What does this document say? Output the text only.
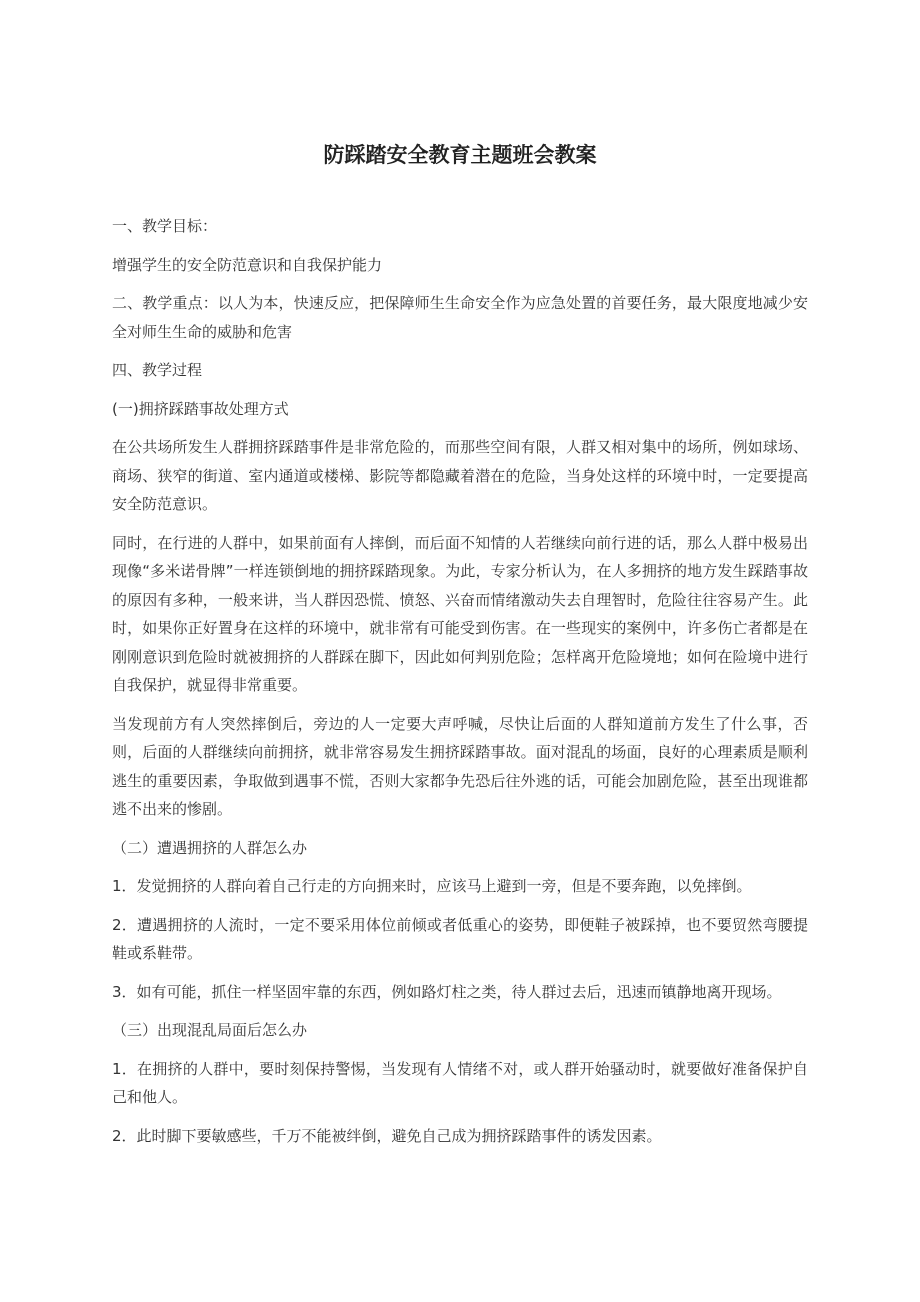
防踩踏安全教育主题班会教案

一、教学目标：

增强学生的安全防范意识和自我保护能力

二、教学重点：以人为本，快速反应，把保障师生生命安全作为应急处置的首要任务，最大限度地减少安全对师生生命的威胁和危害

四、教学过程

(一)拥挤踩踏事故处理方式

在公共场所发生人群拥挤踩踏事件是非常危险的，而那些空间有限，人群又相对集中的场所，例如球场、商场、狭窄的街道、室内通道或楼梯、影院等都隐藏着潜在的危险，当身处这样的环境中时，一定要提高安全防范意识。

同时，在行进的人群中，如果前面有人摔倒，而后面不知情的人若继续向前行进的话，那么人群中极易出现像“多米诺骨牌”一样连锁倒地的拥挤踩踏现象。为此，专家分析认为，在人多拥挤的地方发生踩踏事故的原因有多种，一般来讲，当人群因恐慌、愤怒、兴奋而情绪激动失去自理智时，危险往往容易产生。此时，如果你正好置身在这样的环境中，就非常有可能受到伤害。在一些现实的案例中，许多伤亡者都是在刚刚意识到危险时就被拥挤的人群踩在脚下，因此如何判别危险；怎样离开危险境地；如何在险境中进行自我保护，就显得非常重要。

当发现前方有人突然摔倒后，旁边的人一定要大声呼喊，尽快让后面的人群知道前方发生了什么事，否则，后面的人群继续向前拥挤，就非常容易发生拥挤踩踏事故。面对混乱的场面，良好的心理素质是顺利逃生的重要因素，争取做到遇事不慌，否则大家都争先恐后往外逃的话，可能会加剧危险，甚至出现谁都逃不出来的惨剧。

（二）遭遇拥挤的人群怎么办

1．发觉拥挤的人群向着自己行走的方向拥来时，应该马上避到一旁，但是不要奔跑，以免摔倒。

2．遭遇拥挤的人流时，一定不要采用体位前倾或者低重心的姿势，即便鞋子被踩掉，也不要贸然弯腰提鞋或系鞋带。

3．如有可能，抓住一样坚固牢靠的东西，例如路灯柱之类，待人群过去后，迅速而镇静地离开现场。

（三）出现混乱局面后怎么办

1．在拥挤的人群中，要时刻保持警惕，当发现有人情绪不对，或人群开始骚动时，就要做好准备保护自己和他人。

2．此时脚下要敏感些，千万不能被绊倒，避免自己成为拥挤踩踏事件的诱发因素。
